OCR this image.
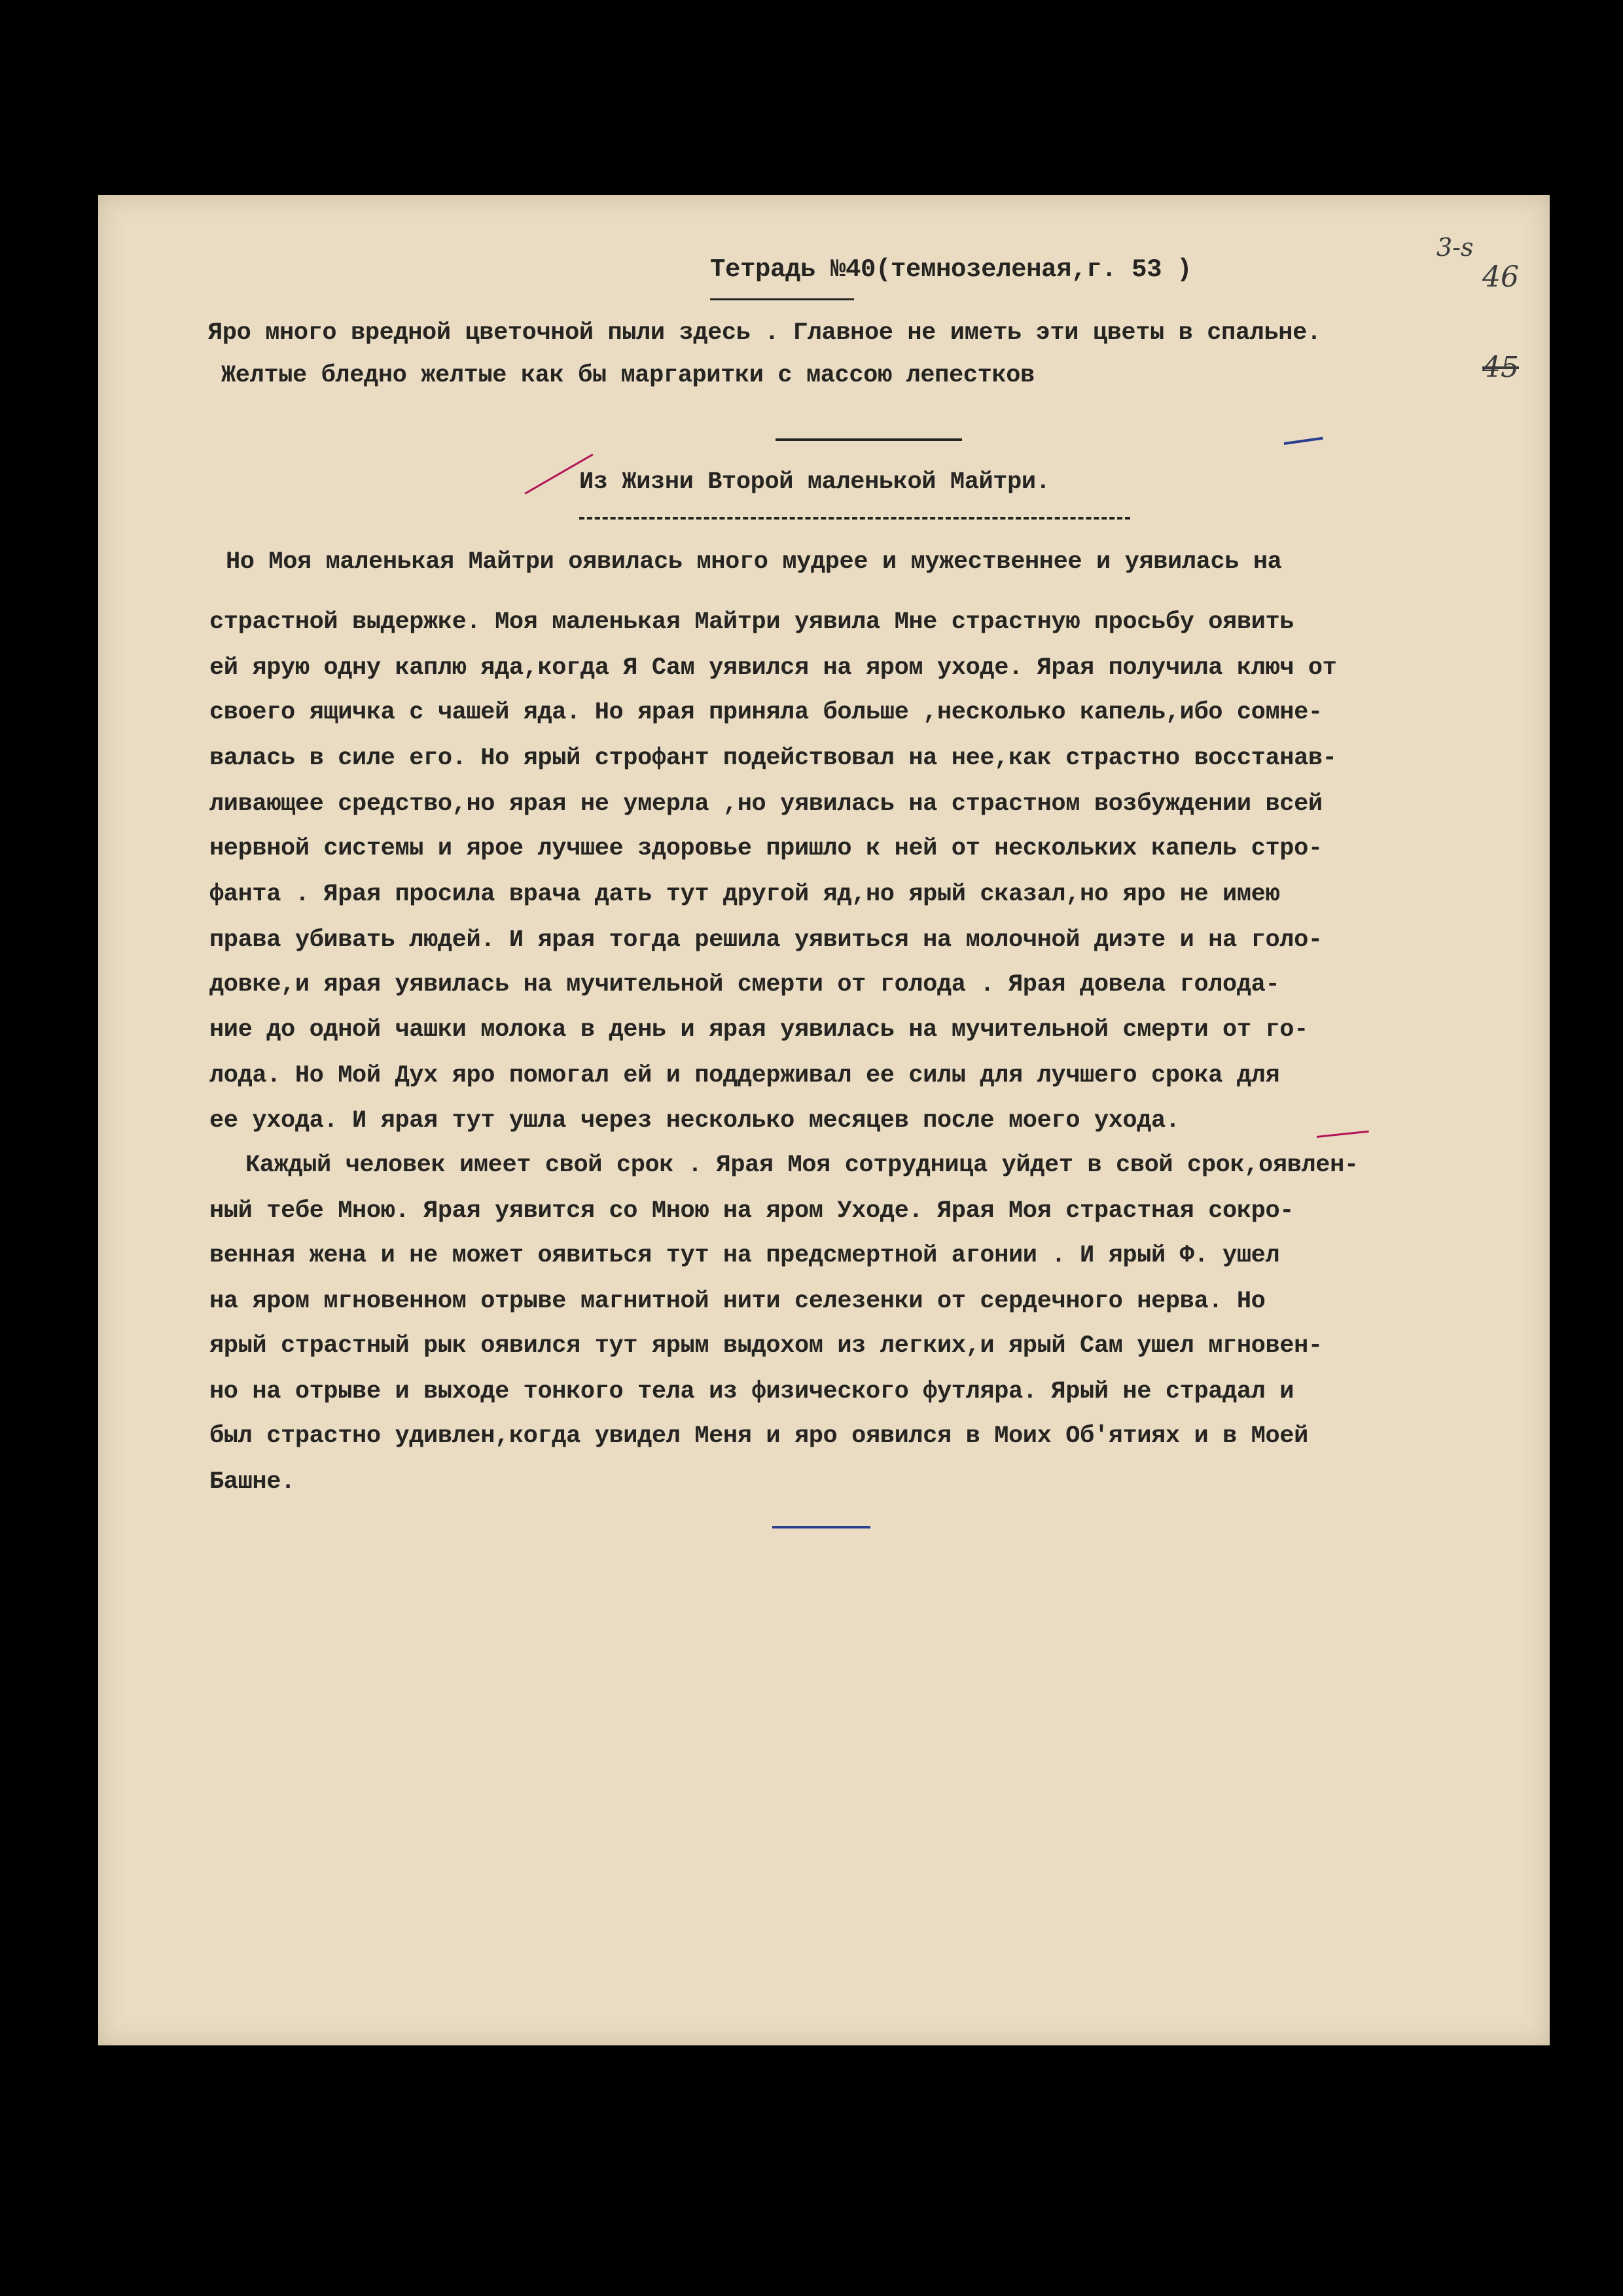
Тетрадь №40(темнозеленая,г. 53 )
3-s
46
45
Яро много вредной цветочной пыли здесь . Главное не иметь эти цветы в спальне.
Желтые бледно желтые как бы маргаритки с массою лепестков
Из Жизни Второй маленькой Майтри.
Но Моя маленькая Майтри оявилась много мудрее и мужественнее и уявилась на
страстной выдержке. Моя маленькая Майтри уявила Мне страстную просьбу оявить
ей ярую одну каплю яда,когда Я Сам уявился на яром уходе. Ярая получила ключ от
своего ящичка с чашей яда. Но ярая приняла больше ,несколько капель,ибо сомне-
валась в силе его. Но ярый строфант подействовал на нее,как страстно восстанав-
ливающее средство,но ярая не умерла ,но уявилась на страстном возбуждении всей
нервной системы и ярое лучшее здоровье пришло к ней от нескольких капель стро-
фанта . Ярая просила врача дать тут другой яд,но ярый сказал,но яро не имею
права убивать людей. И ярая тогда решила уявиться на молочной диэте и на голо-
довке,и ярая уявилась на мучительной смерти от голода . Ярая довела голода-
ние до одной чашки молока в день и ярая уявилась на мучительной смерти от го-
лода. Но Мой Дух яро помогал ей и поддерживал ее силы для лучшего срока для
ее ухода. И ярая тут ушла через несколько месяцев после моего ухода.
Каждый человек имеет свой срок . Ярая Моя сотрудница уйдет в свой срок,оявлен-
ный тебе Мною. Ярая уявится со Мною на яром Уходе. Ярая Моя страстная сокро-
венная жена и не может оявиться тут на предсмертной агонии . И ярый Ф. ушел
на яром мгновенном отрыве магнитной нити селезенки от сердечного нерва. Но
ярый страстный рык оявился тут ярым выдохом из легких,и ярый Сам ушел мгновен-
но на отрыве и выходе тонкого тела из физического футляра. Ярый не страдал и
был страстно удивлен,когда увидел Меня и яро оявился в Моих Об'ятиях и в Моей
Башне.
